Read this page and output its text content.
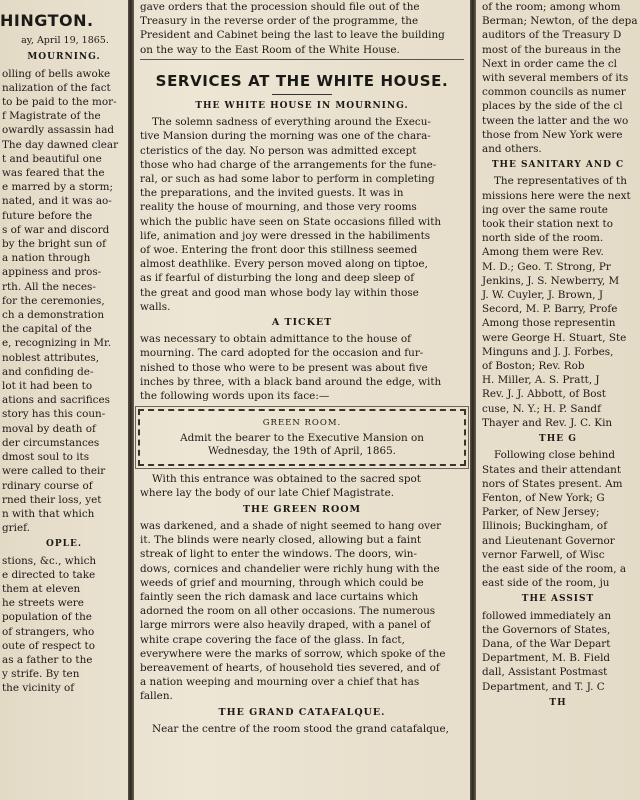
HINGTON.
ay, April 19, 1865.
MOURNING.
olling of bells awoke
nalization of the fact
to be paid to the mor-
f Magistrate of the
owardly assassin had
The day dawned clear
t and beautiful one
was feared that the
e marred by a storm;
nated, and it was ao-
future before the
s of war and discord
by the bright sun of
a nation through
appiness and pros-
rth. All the neces-
for the ceremonies,
ch a demonstration
the capital of the
e, recognizing in Mr.
noblest attributes,
and confiding de-
lot it had been to
ations and sacrifices
story has this coun-
moval by death of
der circumstances
dmost soul to its
were called to their
rdinary course of
rned their loss, yet
n with that which
grief.
OPLE.
stions, &c., which
e directed to take
them at eleven
he streets were
population of the
of strangers, who
oute of respect to
as a father to the
y strife. By ten
the vicinity of
gave orders that the procession should file out of the
Treasury in the reverse order of the programme, the
President and Cabinet being the last to leave the building
on the way to the East Room of the White House.
SERVICES AT THE WHITE HOUSE.
THE WHITE HOUSE IN MOURNING.
The solemn sadness of everything around the Execu-
tive Mansion during the morning was one of the chara-
cteristics of the day. No person was admitted except
those who had charge of the arrangements for the fune-
ral, or such as had some labor to perform in completing
the preparations, and the invited guests. It was in
reality the house of mourning, and those very rooms
which the public have seen on State occasions filled with
life, animation and joy were dressed in the habiliments
of woe. Entering the front door this stillness seemed
almost deathlike. Every person moved along on tiptoe,
as if fearful of disturbing the long and deep sleep of
the great and good man whose body lay within those
walls.
A TICKET
was necessary to obtain admittance to the house of
mourning. The card adopted for the occasion and fur-
nished to those who were to be present was about five
inches by three, with a black band around the edge, with
the following words upon its face:—
GREEN ROOM.
Admit the bearer to the Executive Mansion on
Wednesday, the 19th of April, 1865.
With this entrance was obtained to the sacred spot
where lay the body of our late Chief Magistrate.
THE GREEN ROOM
was darkened, and a shade of night seemed to hang over
it. The blinds were nearly closed, allowing but a faint
streak of light to enter the windows. The doors, win-
dows, cornices and chandelier were richly hung with the
weeds of grief and mourning, through which could be
faintly seen the rich damask and lace curtains which
adorned the room on all other occasions. The numerous
large mirrors were also heavily draped, with a panel of
white crape covering the face of the glass. In fact,
everywhere were the marks of sorrow, which spoke of the
bereavement of hearts, of household ties severed, and of
a nation weeping and mourning over a chief that has
fallen.
THE GRAND CATAFALQUE.
Near the centre of the room stood the grand catafalque,
of the room; among whom
Berman; Newton, of the depa
auditors of the Treasury D
most of the bureaus in the
Next in order came the cl
with several members of its
common councils as numer
places by the side of the cl
tween the latter and the wo
those from New York were
and others.
THE SANITARY AND C
The representatives of th
missions here were the next
ing over the same route
took their station next to
north side of the room.
Among them were Rev.
M. D.; Geo. T. Strong, Pr
Jenkins, J. S. Newberry, M
J. W. Cuyler, J. Brown, J
Secord, M. P. Barry, Profe
Among those representin
were George H. Stuart, Ste
Minguns and J. J. Forbes,
of Boston; Rev. Rob
H. Miller, A. S. Pratt, J
Rev. J. J. Abbott, of Bost
cuse, N. Y.; H. P. Sandf
Thayer and Rev. J. C. Kin
THE G
Following close behind
States and their attendant
nors of States present. Am
Fenton, of New York; G
Parker, of New Jersey;
Illinois; Buckingham, of
and Lieutenant Governor
vernor Farwell, of Wisc
the east side of the room, a
east side of the room, ju
THE ASSIST
followed immediately an
the Governors of States,
Dana, of the War Depart
Department, M. B. Field
dall, Assistant Postmast
Department, and T. J. C
TH
